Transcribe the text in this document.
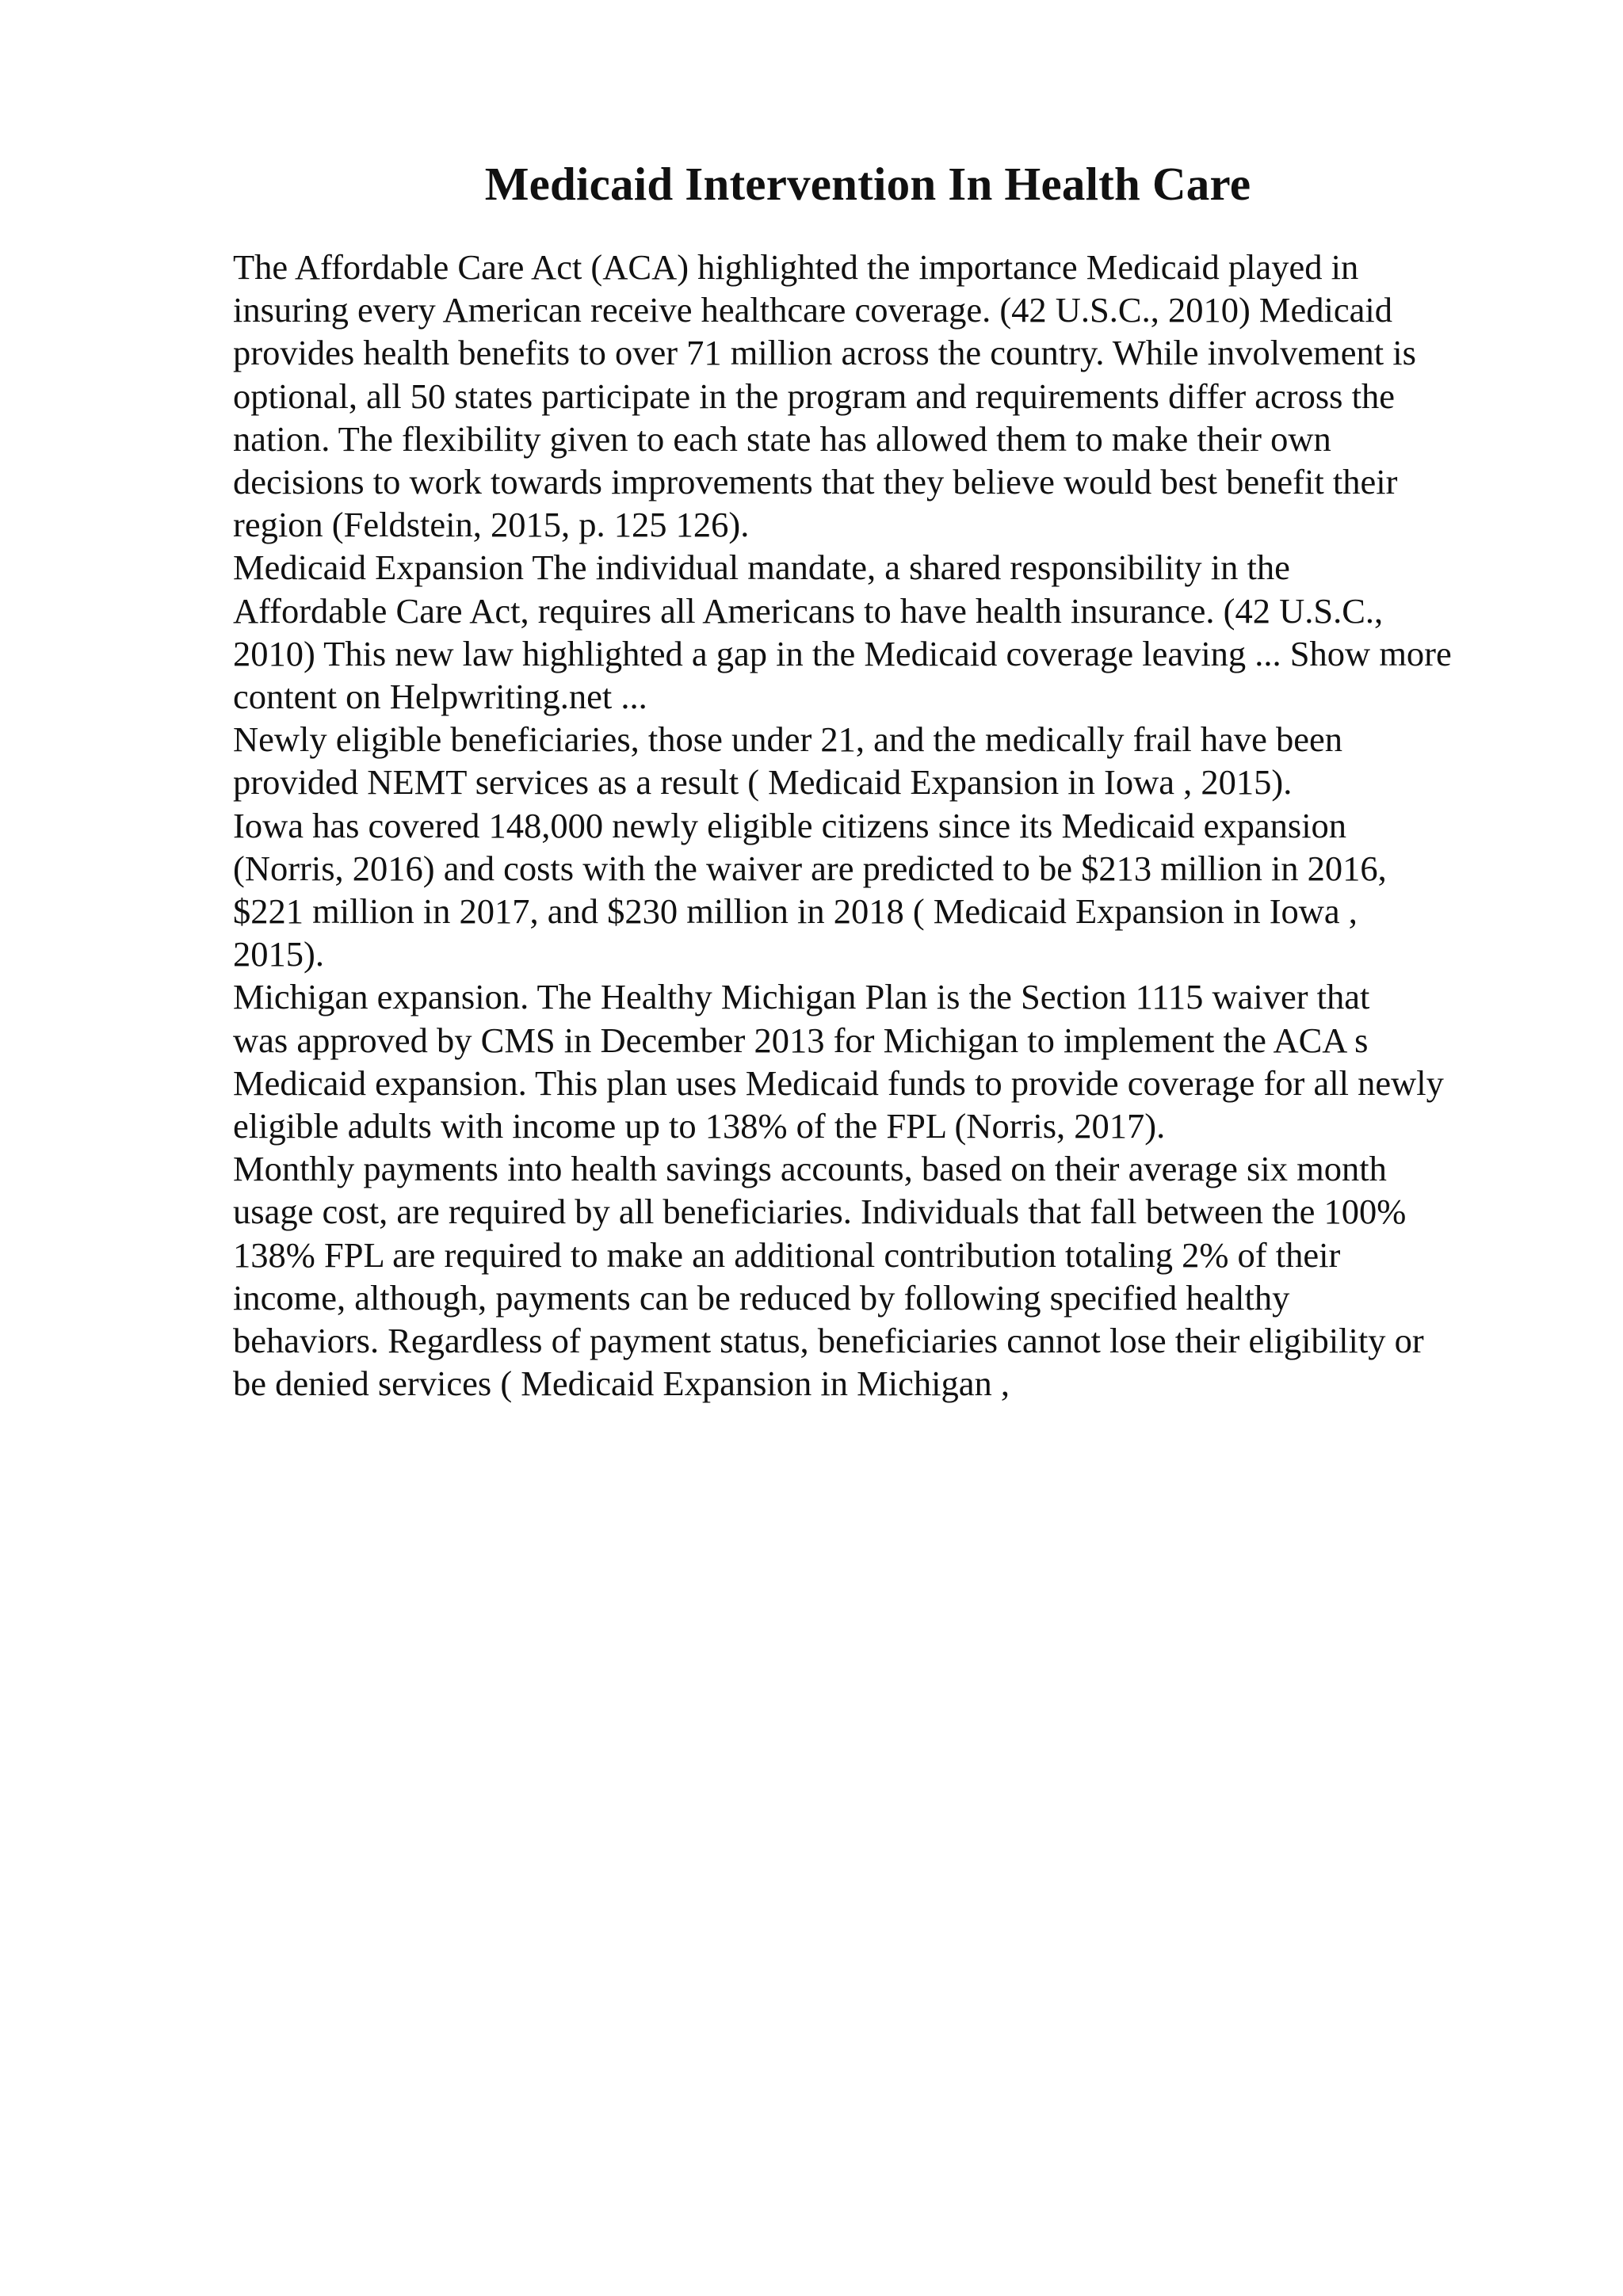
Medicaid Intervention In Health Care
The Affordable Care Act (ACA) highlighted the importance Medicaid played in
insuring every American receive healthcare coverage. (42 U.S.C., 2010) Medicaid
provides health benefits to over 71 million across the country. While involvement is
optional, all 50 states participate in the program and requirements differ across the
nation. The flexibility given to each state has allowed them to make their own
decisions to work towards improvements that they believe would best benefit their
region (Feldstein, 2015, p. 125 126).
Medicaid Expansion The individual mandate, a shared responsibility in the
Affordable Care Act, requires all Americans to have health insurance. (42 U.S.C.,
2010) This new law highlighted a gap in the Medicaid coverage leaving ... Show more
content on Helpwriting.net ...
Newly eligible beneficiaries, those under 21, and the medically frail have been
provided NEMT services as a result ( Medicaid Expansion in Iowa , 2015).
Iowa has covered 148,000 newly eligible citizens since its Medicaid expansion
(Norris, 2016) and costs with the waiver are predicted to be $213 million in 2016,
$221 million in 2017, and $230 million in 2018 ( Medicaid Expansion in Iowa ,
2015).
Michigan expansion. The Healthy Michigan Plan is the Section 1115 waiver that
was approved by CMS in December 2013 for Michigan to implement the ACA s
Medicaid expansion. This plan uses Medicaid funds to provide coverage for all newly
eligible adults with income up to 138% of the FPL (Norris, 2017).
Monthly payments into health savings accounts, based on their average six month
usage cost, are required by all beneficiaries. Individuals that fall between the 100%
138% FPL are required to make an additional contribution totaling 2% of their
income, although, payments can be reduced by following specified healthy
behaviors. Regardless of payment status, beneficiaries cannot lose their eligibility or
be denied services ( Medicaid Expansion in Michigan ,
